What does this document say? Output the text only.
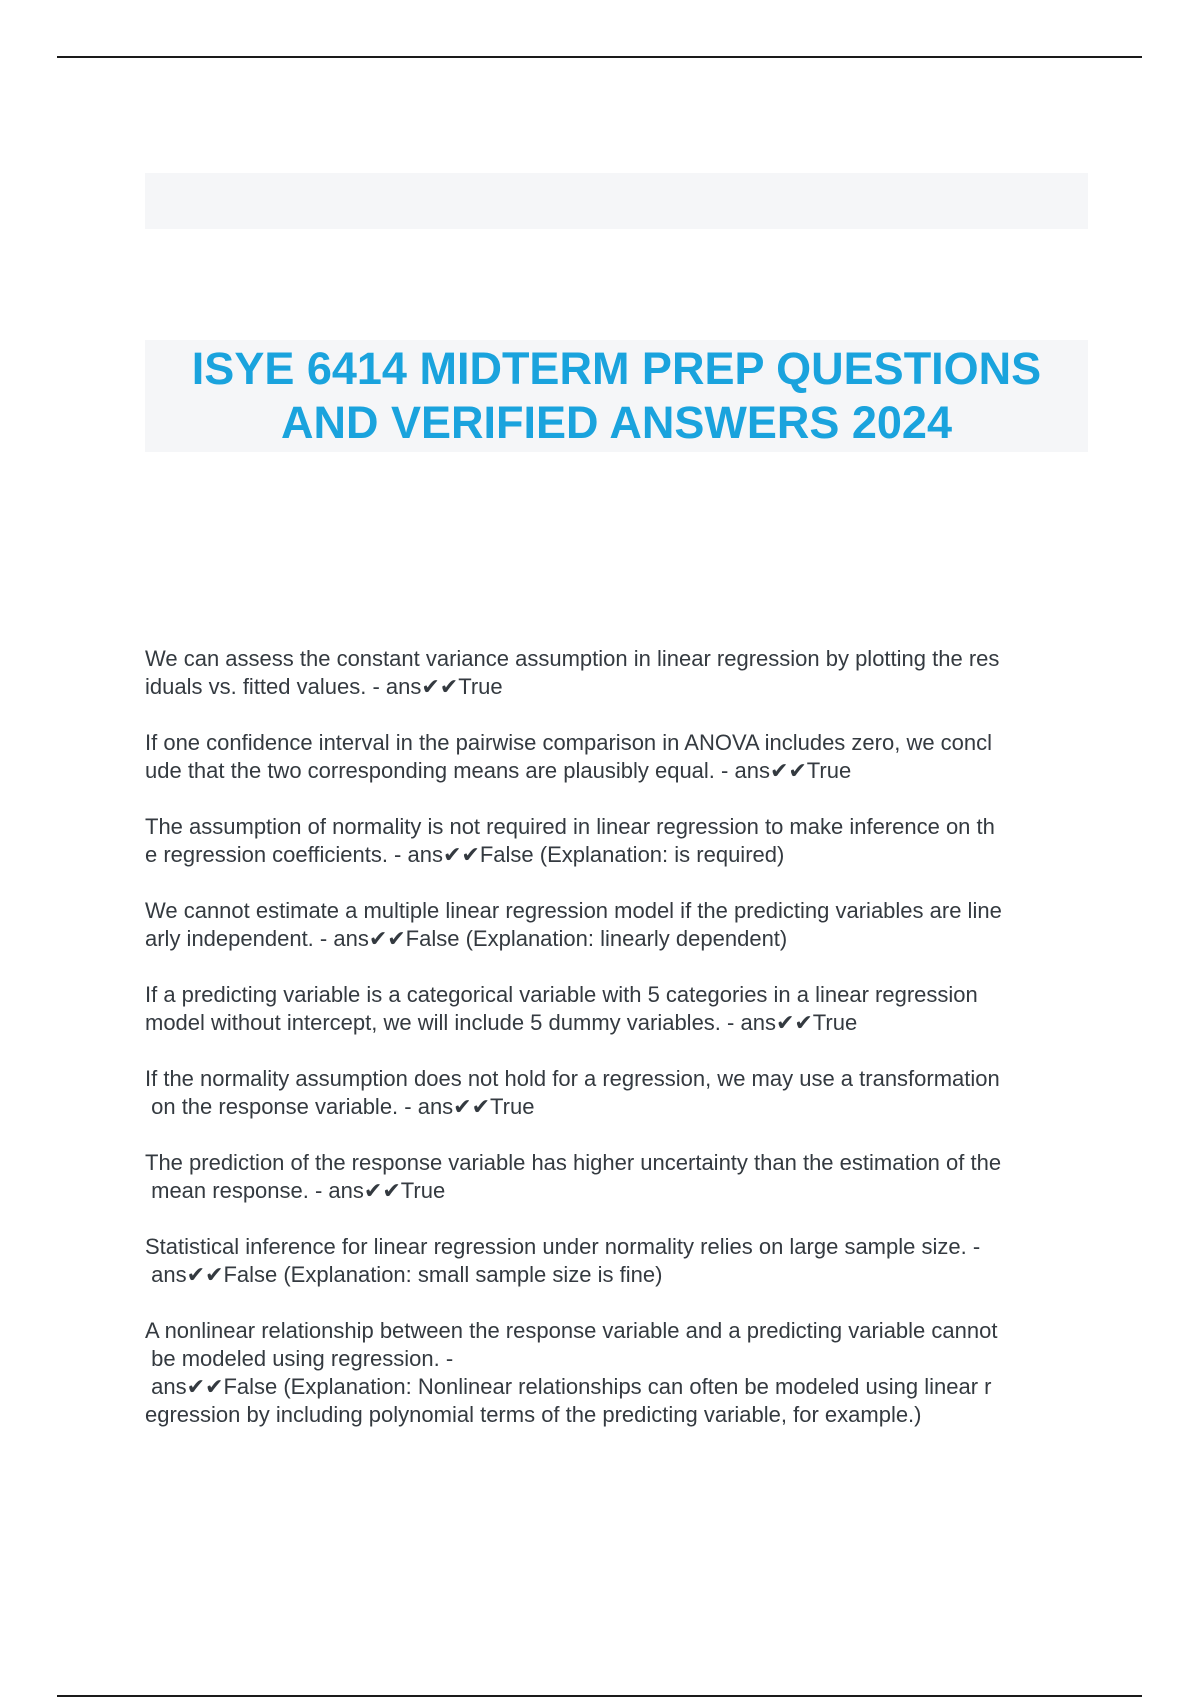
ISYE 6414 MIDTERM PREP QUESTIONS
AND VERIFIED ANSWERS 2024

We can assess the constant variance assumption in linear regression by plotting the res
iduals vs. fitted values. - ans✔✔True

If one confidence interval in the pairwise comparison in ANOVA includes zero, we concl
ude that the two corresponding means are plausibly equal. - ans✔✔True

The assumption of normality is not required in linear regression to make inference on th
e regression coefficients. - ans✔✔False (Explanation: is required)

We cannot estimate a multiple linear regression model if the predicting variables are line
arly independent. - ans✔✔False (Explanation: linearly dependent)

If a predicting variable is a categorical variable with 5 categories in a linear regression
model without intercept, we will include 5 dummy variables. - ans✔✔True

If the normality assumption does not hold for a regression, we may use a transformation
on the response variable. - ans✔✔True

The prediction of the response variable has higher uncertainty than the estimation of the
mean response. - ans✔✔True

Statistical inference for linear regression under normality relies on large sample size. -
ans✔✔False (Explanation: small sample size is fine)

A nonlinear relationship between the response variable and a predicting variable cannot
be modeled using regression. -
ans✔✔False (Explanation: Nonlinear relationships can often be modeled using linear r
egression by including polynomial terms of the predicting variable, for example.)
